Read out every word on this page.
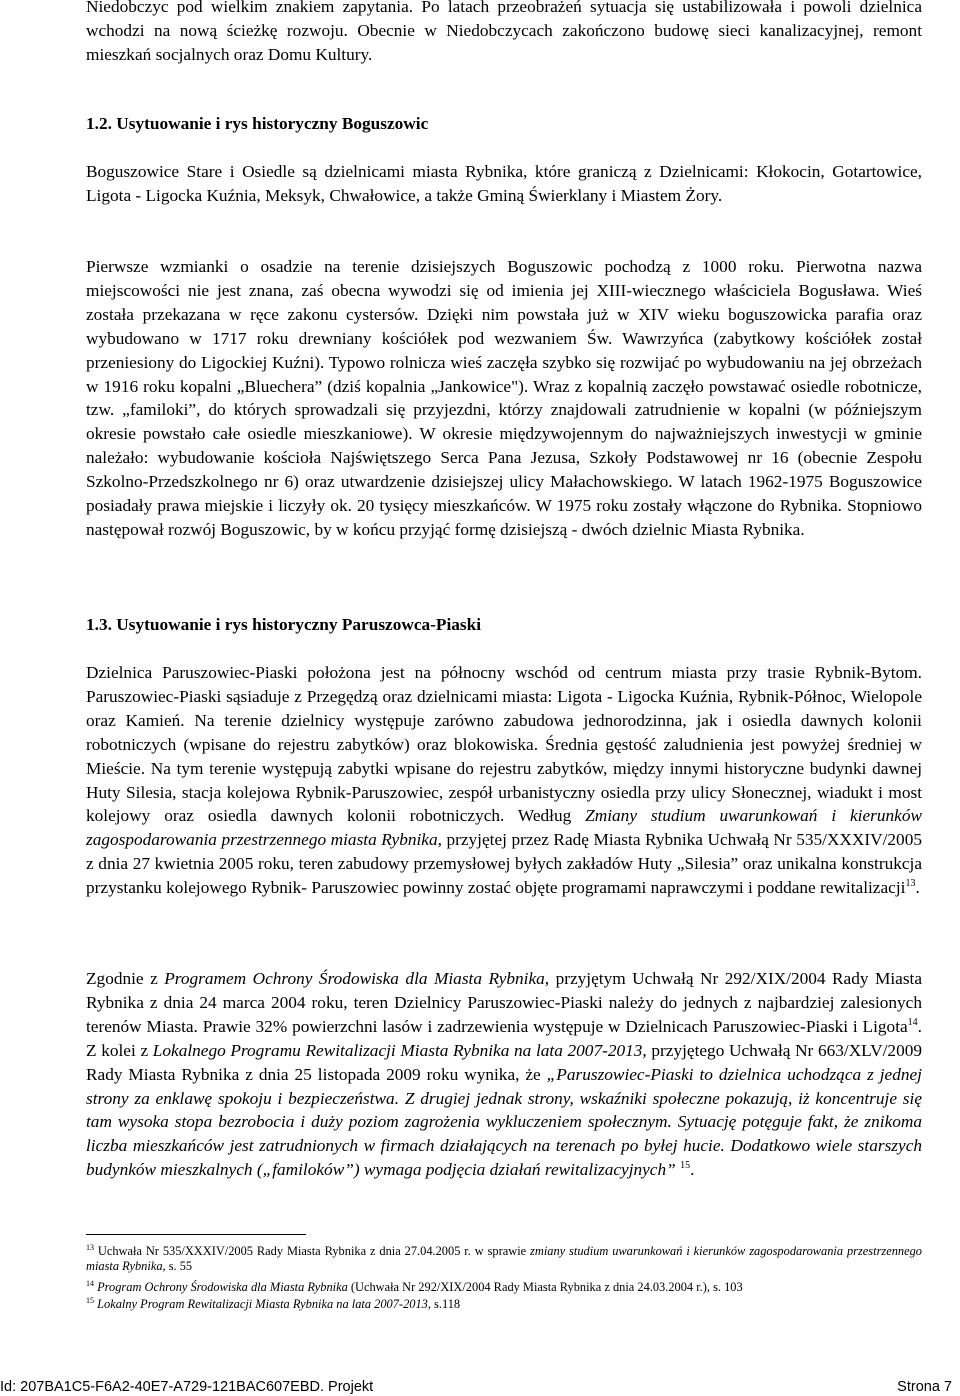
Niedobczyc pod wielkim znakiem zapytania. Po latach przeobrażeń sytuacja się ustabilizowała i powoli dzielnica wchodzi na nową ścieżkę rozwoju. Obecnie w Niedobczycach zakończono budowę sieci kanalizacyjnej, remont mieszkań socjalnych oraz Domu Kultury.

1.2. Usytuowanie i rys historyczny Boguszowic

Boguszowice Stare i Osiedle są dzielnicami miasta Rybnika, które graniczą z Dzielnicami: Kłokocin, Gotartowice, Ligota - Ligocka Kuźnia, Meksyk, Chwałowice, a także Gminą Świerklany i Miastem Żory.

Pierwsze wzmianki o osadzie na terenie dzisiejszych Boguszowic pochodzą z 1000 roku. Pierwotna nazwa miejscowości nie jest znana, zaś obecna wywodzi się od imienia jej XIII-wiecznego właściciela Bogusława. Wieś została przekazana w ręce zakonu cystersów. Dzięki nim powstała już w XIV wieku boguszowicka parafia oraz wybudowano w 1717 roku drewniany kościółek pod wezwaniem Św. Wawrzyńca (zabytkowy kościółek został przeniesiony do Ligockiej Kuźni). Typowo rolnicza wieś zaczęła szybko się rozwijać po wybudowaniu na jej obrzeżach w 1916 roku kopalni „Bluechera” (dziś kopalnia „Jankowice"). Wraz z kopalnią zaczęło powstawać osiedle robotnicze, tzw. „familoki”, do których sprowadzali się przyjezdni, którzy znajdowali zatrudnienie w kopalni (w późniejszym okresie powstało całe osiedle mieszkaniowe). W okresie międzywojennym do najważniejszych inwestycji w gminie należało: wybudowanie kościoła Najświętszego Serca Pana Jezusa, Szkoły Podstawowej nr 16 (obecnie Zespołu Szkolno-Przedszkolnego nr 6) oraz utwardzenie dzisiejszej ulicy Małachowskiego. W latach 1962-1975 Boguszowice posiadały prawa miejskie i liczyły ok. 20 tysięcy mieszkańców. W 1975 roku zostały włączone do Rybnika. Stopniowo następował rozwój Boguszowic, by w końcu przyjąć formę dzisiejszą - dwóch dzielnic Miasta Rybnika.

1.3. Usytuowanie i rys historyczny Paruszowca-Piaski

Dzielnica Paruszowiec-Piaski położona jest na północny wschód od centrum miasta przy trasie Rybnik-Bytom. Paruszowiec-Piaski sąsiaduje z Przegędzą oraz dzielnicami miasta: Ligota - Ligocka Kuźnia, Rybnik-Północ, Wielopole oraz Kamień. Na terenie dzielnicy występuje zarówno zabudowa jednorodzinna, jak i osiedla dawnych kolonii robotniczych (wpisane do rejestru zabytków) oraz blokowiska. Średnia gęstość zaludnienia jest powyżej średniej w Mieście. Na tym terenie występują zabytki wpisane do rejestru zabytków, między innymi historyczne budynki dawnej Huty Silesia, stacja kolejowa Rybnik-Paruszowiec, zespół urbanistyczny osiedla przy ulicy Słonecznej, wiadukt i most kolejowy oraz osiedla dawnych kolonii robotniczych. Według Zmiany studium uwarunkowań i kierunków zagospodarowania przestrzennego miasta Rybnika, przyjętej przez Radę Miasta Rybnika Uchwałą Nr 535/XXXIV/2005 z dnia 27 kwietnia 2005 roku, teren zabudowy przemysłowej byłych zakładów Huty „Silesia” oraz unikalna konstrukcja przystanku kolejowego Rybnik- Paruszowiec powinny zostać objęte programami naprawczymi i poddane rewitalizacji$^{13}$.

Zgodnie z Programem Ochrony Środowiska dla Miasta Rybnika, przyjętym Uchwałą Nr 292/XIX/2004 Rady Miasta Rybnika z dnia 24 marca 2004 roku, teren Dzielnicy Paruszowiec-Piaski należy do jednych z najbardziej zalesionych terenów Miasta. Prawie 32% powierzchni lasów i zadrzewienia występuje w Dzielnicach Paruszowiec-Piaski i Ligota$^{14}$. Z kolei z Lokalnego Programu Rewitalizacji Miasta Rybnika na lata 2007-2013, przyjętego Uchwałą Nr 663/XLV/2009 Rady Miasta Rybnika z dnia 25 listopada 2009 roku wynika, że „Paruszowiec-Piaski to dzielnica uchodząca z jednej strony za enklawę spokoju i bezpieczeństwa. Z drugiej jednak strony, wskaźniki społeczne pokazują, iż koncentruje się tam wysoka stopa bezrobocia i duży poziom zagrożenia wykluczeniem społecznym. Sytuację potęguje fakt, że znikoma liczba mieszkańców jest zatrudnionych w firmach działających na terenach po byłej hucie. Dodatkowo wiele starszych budynków mieszkalnych („familoków”) wymaga podjęcia działań rewitalizacyjnych” $^{15}$.

$^{13}$ Uchwała Nr 535/XXXIV/2005 Rady Miasta Rybnika z dnia 27.04.2005 r. w sprawie zmiany studium uwarunkowań i kierunków zagospodarowania przestrzennego miasta Rybnika, s. 55

$^{14}$ Program Ochrony Środowiska dla Miasta Rybnika (Uchwała Nr 292/XIX/2004 Rady Miasta Rybnika z dnia 24.03.2004 r.), s. 103

$^{15}$ Lokalny Program Rewitalizacji Miasta Rybnika na lata 2007-2013, s.118

Id: 207BA1C5-F6A2-40E7-A729-121BAC607EBD. Projekt	Strona 7
